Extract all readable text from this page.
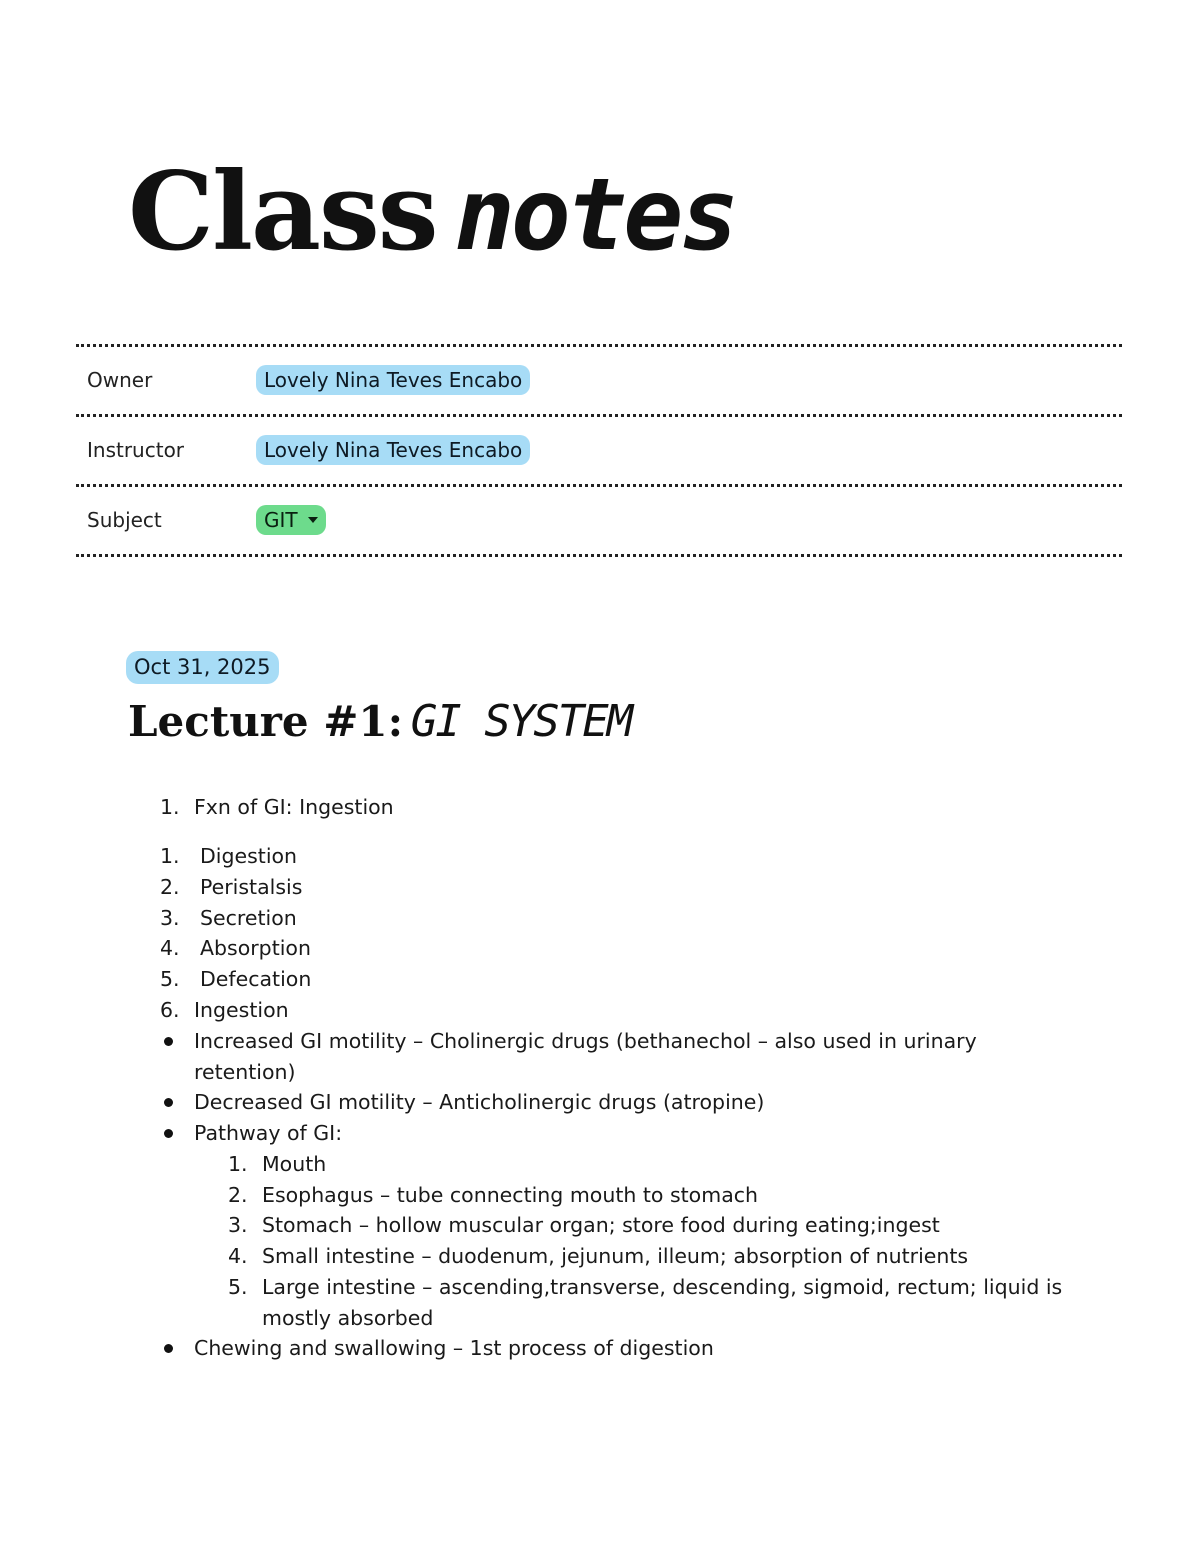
Class notes
Owner	Lovely Nina Teves Encabo
Instructor	Lovely Nina Teves Encabo
Subject	GIT
Oct 31, 2025
Lecture #1: GI SYSTEM
1. Fxn of GI: Ingestion
1. Digestion
2. Peristalsis
3. Secretion
4. Absorption
5. Defecation
6. Ingestion
Increased GI motility – Cholinergic drugs (bethanechol – also used in urinary
retention)
Decreased GI motility – Anticholinergic drugs (atropine)
Pathway of GI:
1. Mouth
2. Esophagus – tube connecting mouth to stomach
3. Stomach – hollow muscular organ; store food during eating;ingest
4. Small intestine – duodenum, jejunum, illeum; absorption of nutrients
5. Large intestine – ascending,transverse, descending, sigmoid, rectum; liquid is
mostly absorbed
Chewing and swallowing – 1st process of digestion
